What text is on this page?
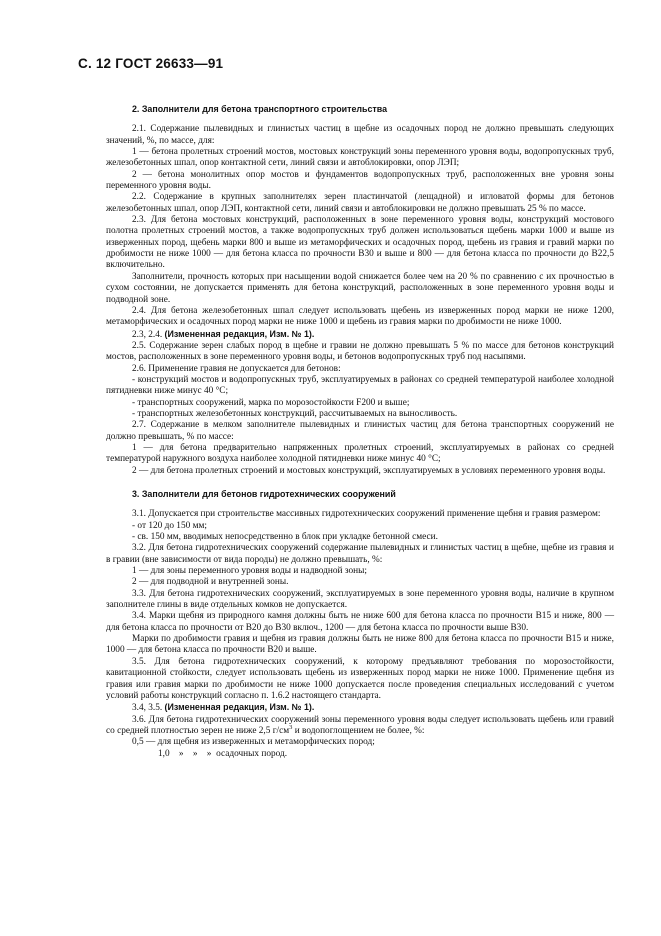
С. 12 ГОСТ 26633—91

2. Заполнители для бетона транспортного строительства

2.1. Содержание пылевидных и глинистых частиц в щебне из осадочных пород не должно превышать следующих значений, %, по массе, для:

1 — бетона пролетных строений мостов, мостовых конструкций зоны переменного уровня воды, водопропускных труб, железобетонных шпал, опор контактной сети, линий связи и автоблокировки, опор ЛЭП;

2 — бетона монолитных опор мостов и фундаментов водопропускных труб, расположенных вне уровня зоны переменного уровня воды.

2.2. Содержание в крупных заполнителях зерен пластинчатой (лещадной) и игловатой формы для бетонов железобетонных шпал, опор ЛЭП, контактной сети, линий связи и автоблокировки не должно превышать 25 % по массе.

2.3. Для бетона мостовых конструкций, расположенных в зоне переменного уровня воды, конструкций мостового полотна пролетных строений мостов, а также водопропускных труб должен использоваться щебень марки 1000 и выше из изверженных пород, щебень марки 800 и выше из метаморфических и осадочных пород, щебень из гравия и гравий марки по дробимости не ниже 1000 — для бетона класса по прочности В30 и выше и 800 — для бетона класса по прочности до В22,5 включительно.

Заполнители, прочность которых при насыщении водой снижается более чем на 20 % по сравнению с их прочностью в сухом состоянии, не допускается применять для бетона конструкций, расположенных в зоне переменного уровня воды и подводной зоне.

2.4. Для бетона железобетонных шпал следует использовать щебень из изверженных пород марки не ниже 1200, метаморфических и осадочных пород марки не ниже 1000 и щебень из гравия марки по дробимости не ниже 1000.

2.3, 2.4. (Измененная редакция, Изм. № 1).

2.5. Содержание зерен слабых пород в щебне и гравии не должно превышать 5 % по массе для бетонов конструкций мостов, расположенных в зоне переменного уровня воды, и бетонов водопропускных труб под насыпями.

2.6. Применение гравия не допускается для бетонов:

- конструкций мостов и водопропускных труб, эксплуатируемых в районах со средней температурой наиболее холодной пятидневки ниже минус 40 °С;

- транспортных сооружений, марка по морозостойкости F200 и выше;

- транспортных железобетонных конструкций, рассчитываемых на выносливость.

2.7. Содержание в мелком заполнителе пылевидных и глинистых частиц для бетона транспортных сооружений не должно превышать, % по массе:

1 — для бетона предварительно напряженных пролетных строений, эксплуатируемых в районах со средней температурой наружного воздуха наиболее холодной пятидневки ниже минус 40 °С;

2 — для бетона пролетных строений и мостовых конструкций, эксплуатируемых в условиях переменного уровня воды.

3. Заполнители для бетонов гидротехнических сооружений

3.1. Допускается при строительстве массивных гидротехнических сооружений применение щебня и гравия размером:

- от 120 до 150 мм;

- св. 150 мм, вводимых непосредственно в блок при укладке бетонной смеси.

3.2. Для бетона гидротехнических сооружений содержание пылевидных и глинистых частиц в щебне, щебне из гравия и в гравии (вне зависимости от вида породы) не должно превышать, %:

1 — для зоны переменного уровня воды и надводной зоны;

2 — для подводной и внутренней зоны.

3.3. Для бетона гидротехнических сооружений, эксплуатируемых в зоне переменного уровня воды, наличие в крупном заполнителе глины в виде отдельных комков не допускается.

3.4. Марки щебня из природного камня должны быть не ниже 600 для бетона класса по прочности В15 и ниже, 800 — для бетона класса по прочности от В20 до В30 включ., 1200 — для бетона класса по прочности выше В30.

Марки по дробимости гравия и щебня из гравия должны быть не ниже 800 для бетона класса по прочности В15 и ниже, 1000 — для бетона класса по прочности В20 и выше.

3.5. Для бетона гидротехнических сооружений, к которому предъявляют требования по морозостойкости, кавитационной стойкости, следует использовать щебень из изверженных пород марки не ниже 1000. Применение щебня из гравия или гравия марки по дробимости не ниже 1000 допускается после проведения специальных исследований с учетом условий работы конструкций согласно п. 1.6.2 настоящего стандарта.

3.4, 3.5. (Измененная редакция, Изм. № 1).

3.6. Для бетона гидротехнических сооружений зоны переменного уровня воды следует использовать щебень или гравий со средней плотностью зерен не ниже 2,5 $г/см^3$ и водопоглощением не более, %:

0,5 — для щебня из изверженных и метаморфических пород;

1,0    »    »    »  осадочных пород.
